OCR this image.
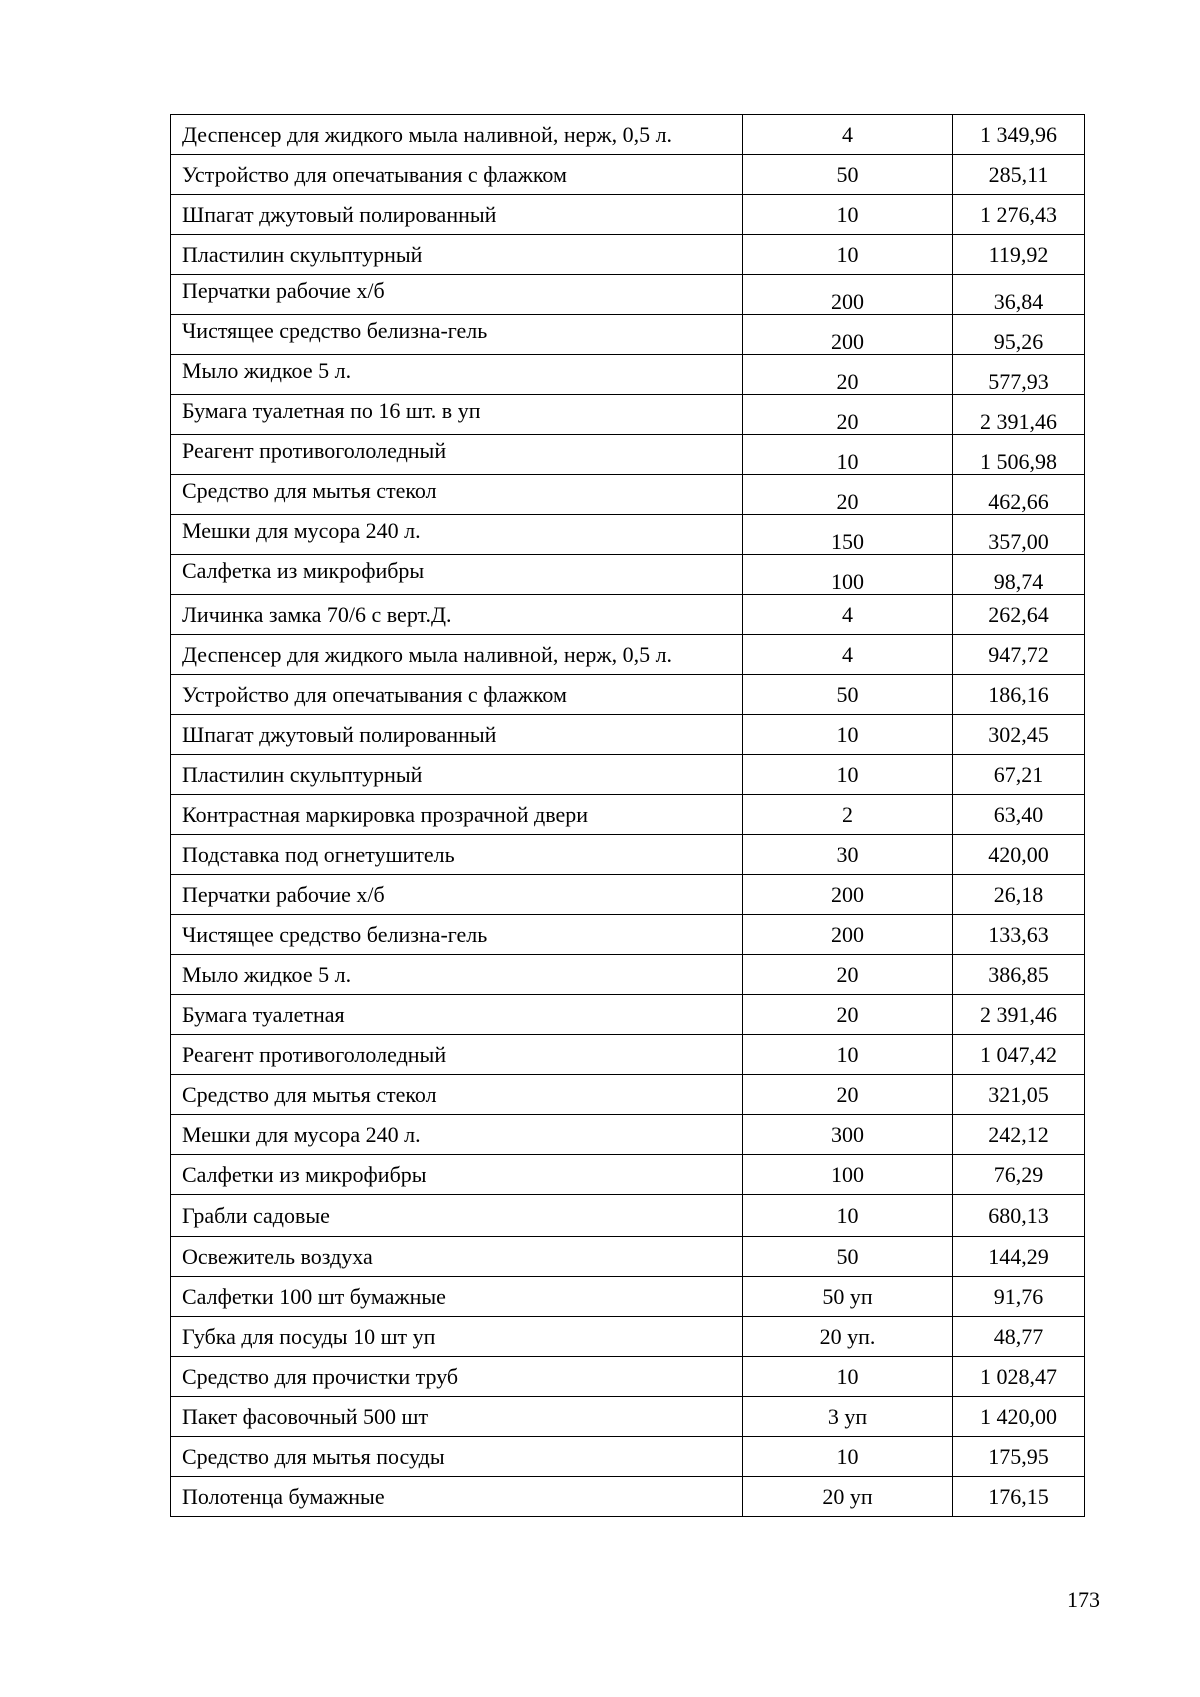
Деспенсер для жидкого мыла наливной, нерж, 0,5 л.	4	1 349,96
Устройство для опечатывания с флажком	50	285,11
Шпагат джутовый полированный	10	1 276,43
Пластилин скульптурный	10	119,92
Перчатки рабочие х/б	200	36,84
Чистящее средство белизна-гель	200	95,26
Мыло жидкое 5 л.	20	577,93
Бумага туалетная по 16 шт. в уп	20	2 391,46
Реагент противогололедный	10	1 506,98
Средство для мытья стекол	20	462,66
Мешки для мусора 240 л.	150	357,00
Салфетка из микрофибры	100	98,74
Личинка замка 70/6 с верт.Д.	4	262,64
Деспенсер для жидкого мыла наливной, нерж, 0,5 л.	4	947,72
Устройство для опечатывания с флажком	50	186,16
Шпагат джутовый полированный	10	302,45
Пластилин скульптурный	10	67,21
Контрастная маркировка прозрачной двери	2	63,40
Подставка под огнетушитель	30	420,00
Перчатки рабочие х/б	200	26,18
Чистящее средство белизна-гель	200	133,63
Мыло жидкое 5 л.	20	386,85
Бумага туалетная	20	2 391,46
Реагент противогололедный	10	1 047,42
Средство для мытья стекол	20	321,05
Мешки для мусора 240 л.	300	242,12
Салфетки из микрофибры	100	76,29
Грабли садовые	10	680,13
Освежитель воздуха	50	144,29
Салфетки 100 шт бумажные	50 уп	91,76
Губка для посуды 10 шт уп	20 уп.	48,77
Средство для прочистки труб	10	1 028,47
Пакет фасовочный 500 шт	3 уп	1 420,00
Средство для мытья посуды	10	175,95
Полотенца бумажные	20 уп	176,15
173
